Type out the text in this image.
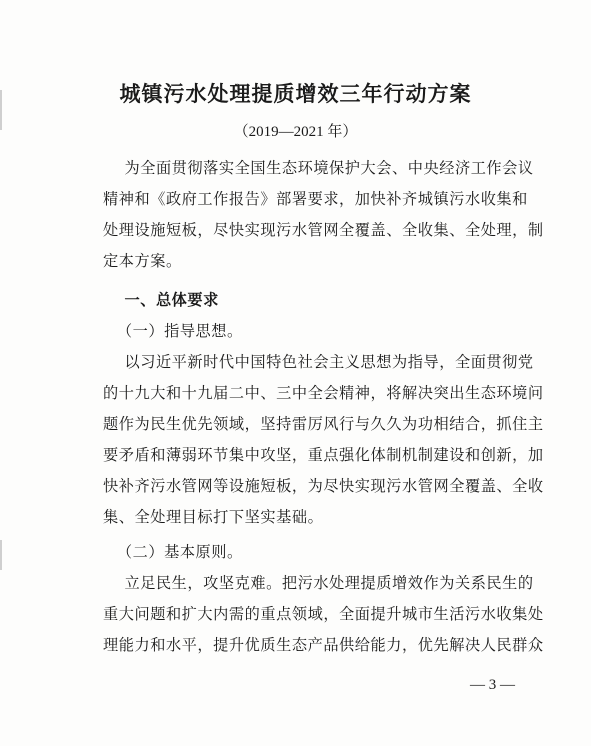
城镇污水处理提质增效三年行动方案
（2019—2021 年）
　　为全面贯彻落实全国生态环境保护大会、中央经济工作会议
精神和《政府工作报告》部署要求，加快补齐城镇污水收集和
处理设施短板，尽快实现污水管网全覆盖、全收集、全处理，制
定本方案。
　　一、总体要求
　　（一）指导思想。
　　以习近平新时代中国特色社会主义思想为指导，全面贯彻党
的十九大和十九届二中、三中全会精神，将解决突出生态环境问
题作为民生优先领域，坚持雷厉风行与久久为功相结合，抓住主
要矛盾和薄弱环节集中攻坚，重点强化体制机制建设和创新，加
快补齐污水管网等设施短板，为尽快实现污水管网全覆盖、全收
集、全处理目标打下坚实基础。
　　（二）基本原则。
　　立足民生，攻坚克难。把污水处理提质增效作为关系民生的
重大问题和扩大内需的重点领域，全面提升城市生活污水收集处
理能力和水平，提升优质生态产品供给能力，优先解决人民群众
— 3 —
